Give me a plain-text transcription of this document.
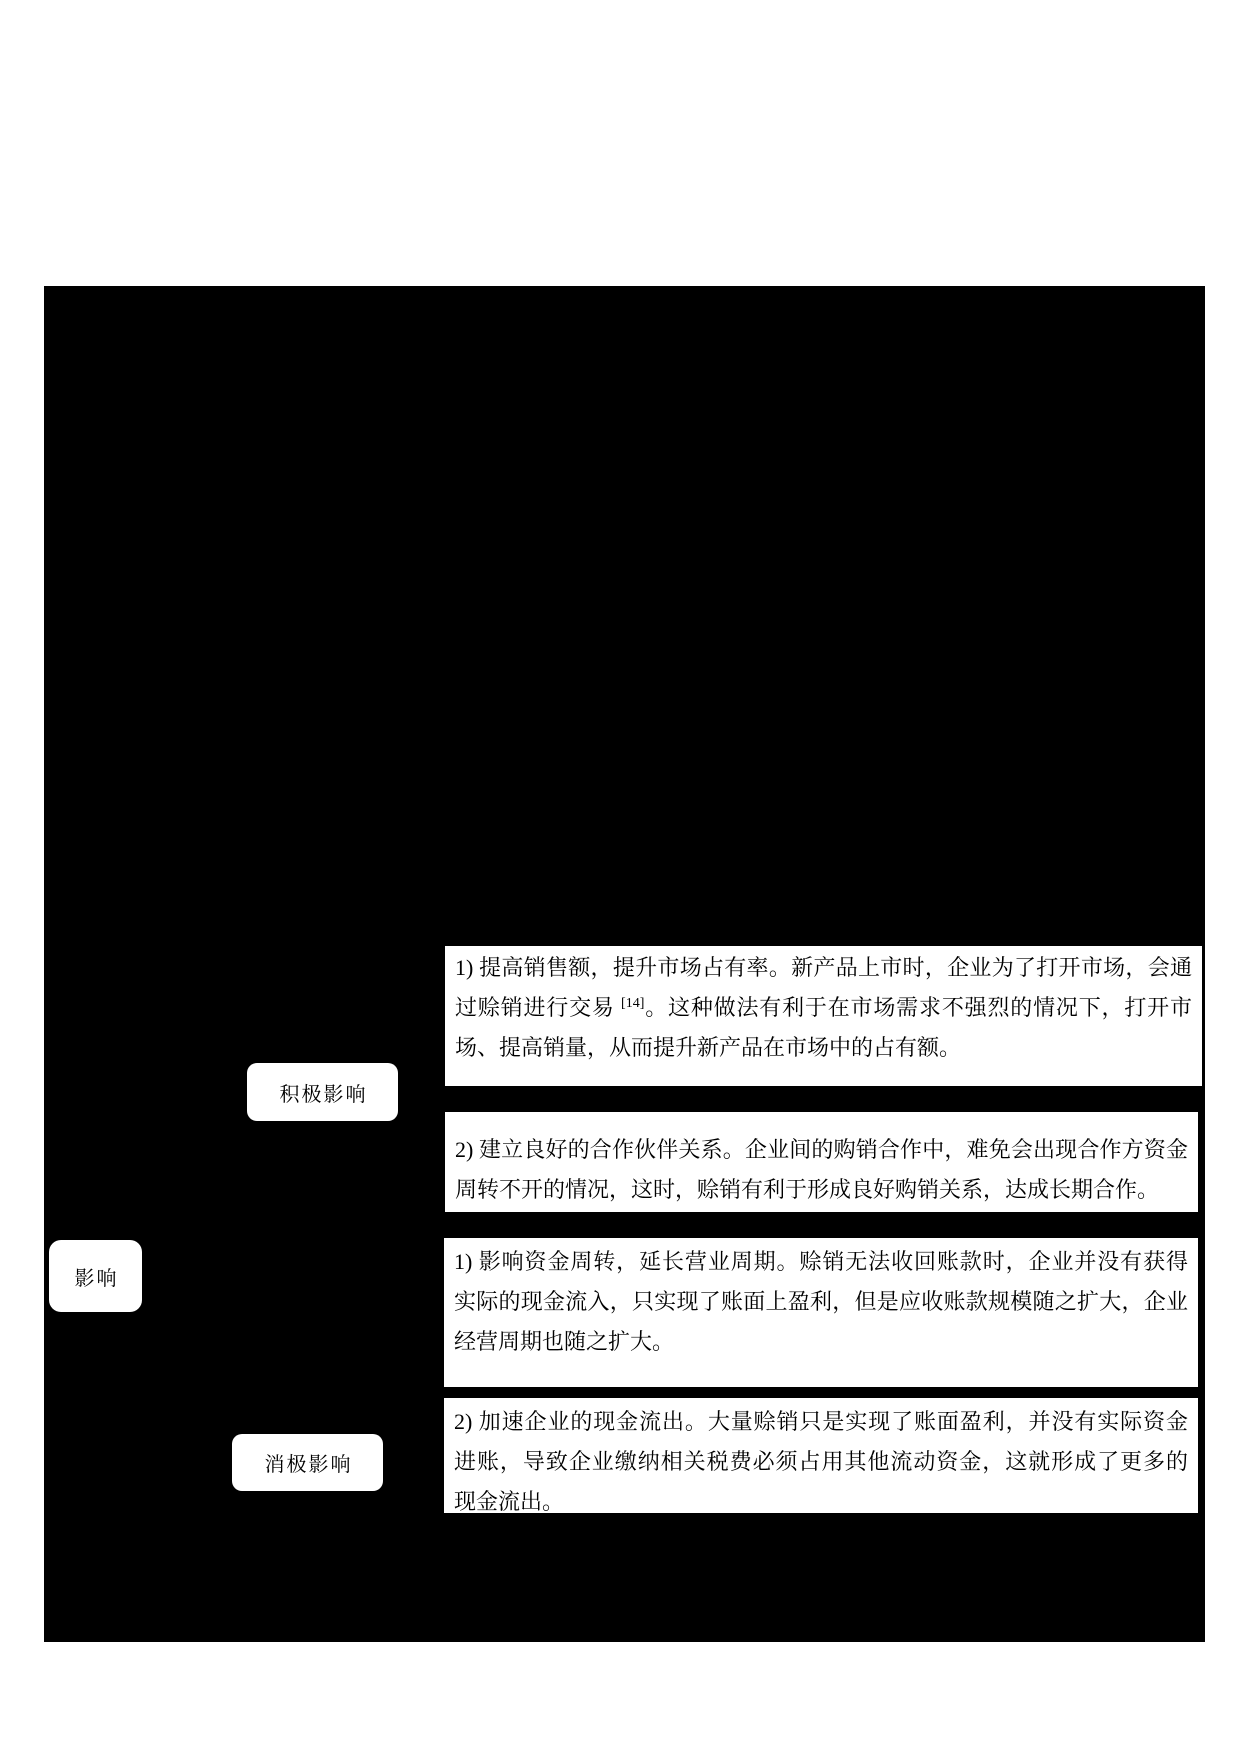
影响
积极影响
消极影响
1) 提高销售额，提升市场占有率。新产品上市时，企业为了打开市场，会通
过赊销进行交易 [14]。这种做法有利于在市场需求不强烈的情况下，打开市
场、提高销量，从而提升新产品在市场中的占有额。
2) 建立良好的合作伙伴关系。企业间的购销合作中，难免会出现合作方资金
周转不开的情况，这时，赊销有利于形成良好购销关系，达成长期合作。
1) 影响资金周转，延长营业周期。赊销无法收回账款时，企业并没有获得
实际的现金流入，只实现了账面上盈利，但是应收账款规模随之扩大，企业
经营周期也随之扩大。
2) 加速企业的现金流出。大量赊销只是实现了账面盈利，并没有实际资金
进账，导致企业缴纳相关税费必须占用其他流动资金，这就形成了更多的
现金流出。
